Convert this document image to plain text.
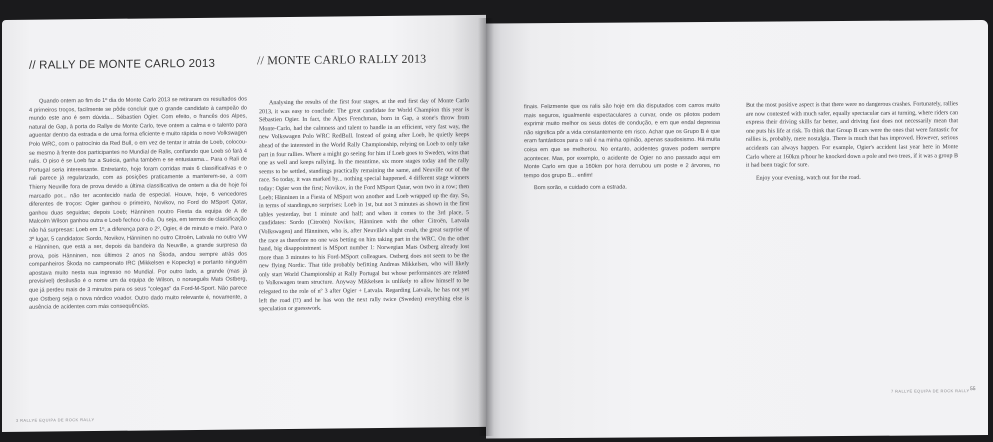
// RALLY DE MONTE CARLO 2013	// MONTE CARLO RALLY 2013

Quando ontem ao fim do 1º dia do Monte Carlo 2013 se retiraram os resultados dos 4 primeiros troços, facilmente se pôde concluir que o grande candidato à campeão do mundo este ano é sem dúvida... Sébastien Ogier. Com efeito, o francês dos Alpes, natural de Gap, à porta do Rallye de Monte Carlo, teve ontem a calma e o talento para aguentar dentro da estrada e de uma forma eficiente e muito rápida o novo Volkswagen Polo WRC, com o patrocínio da Red Bull, o em vez de tentar ir atrás de Loeb, colocou-se mesmo à frente dos participantes no Mundial de Ralis, confiando que Loeb só fará 4 ralis. O piso é se Loeb faz a Suécia, ganha também e se entusiasma... Para o Rali de Portugal seria interessante. Entretanto, hoje foram corridas mais 6 classificativas e o rali parece já regularizado, com as posições praticamente a manterem-se, a com Thierry Neuville fora de prova devido a última classificativa de ontem a dia de hoje foi marcado por... não ter acontecido nada de especial. Houve, hoje, 6 vencedores diferentes de troços: Ogier ganhou o primeiro, Novikov, no Ford do MSport Qatar, ganhou duas seguidas; depois Loeb; Hänninen noutro Fiesta da equipa de A de Malcolm Wilson ganhou outra e Loeb fechou o dia. Ou seja, em termos de classificação não há surpresas: Loeb em 1º, a diferença para o 2º, Ogier, é de minuto e meio. Para o 3º lugar, 5 candidatos: Sordo, Novikov, Hänninen no outro Citroën, Latvala no outro VW e Hänninen, que está a ser, depois da bandeira da Neuville, a grande surpresa da prova, pois Hänninen, nos últimos 2 anos na Škoda, andou sempre atrás dos companheiros Škoda no campeonato IRC (Mikkelsen e Kopecky) e portanto ninguém apostava muito nesta sua ingresso no Mundial. Por outro lado, a grande (mas já previsível) desilusão é o nome um da equipa de Wilson, o norueguês Mats Ostberg, que já perdeu mais de 3 minutos para os seus "colegas" da Ford-M-Sport. Não parece que Ostberg seja o nova nórdico voador. Outro dado muito relevante é, novamente, a ausência de acidentes com más consequências.

Analysing the results of the first four stages, at the end first day of Monte Carlo 2013, it was easy to conclude: The great candidate for World Champion this year is Sébastien Ogier. In fact, the Alpes Frenchman, born in Gap, a stone's throw from Monte-Carlo, had the calmness and talent to handle in an efficient, very fast way, the new Volkswagen Polo WRC RedBull. Instead of going after Loeb, he quietly keeps ahead of the interested in the World Rally Championship, relying on Loeb to only take part in four rallies. Where a might go seeing for him if Loeb goes to Sweden, wins that one as well and keeps rallying. In the meantime, six more stages today and the rally seems to be settled, standings practically remaining the same, and Neuville out of the race. So today, it was marked by... nothing special happened. 4 different stage winners today: Ogier won the first; Novikov, in the Ford MSport Qatar, won two in a row; then Loeb; Hänninen in a Fiesta of MSport won another and Loeb wrapped up the day. So, in terms of standings,no surprises: Loeb in 1st, but not 3 minutes as shown in the first tables yesterday, but 1 minute and half; and when it comes to the 3rd place, 5 candidates: Sordo (Citroën) Novikov, Hänninen with the other Citroën, Latvala (Volkswagen) and Hänninen, who is, after Neuville's slight crash, the great surprise of the race as therefore no one was betting on him taking part in the WRC. On the other hand, big disappointment is MSport number 1: Norwegian Mats Ostberg already lost more than 3 minutes to his Ford-MSport colleagues. Ostberg does not seem to be the new flying Nordic. That title probably befitting Andreas Mikkelsen, who will likely only start World Championship at Rally Portugal but whose performances are related to Volkswagen team structure. Anyway Mikkelsen is unlikely to allow himself to be relegated to the role of nº 3 after Ogier + Latvala. Regarding Latvala, he has not yet left the road (!!) and he has won the next rally twice (Sweden) everything else is speculation or guesswork.

3 RALLYE EQUIPA DE ROCK RALLY

finais. Felizmente que os ralis são hoje em dia disputados com carros muito mais seguros, igualmente espectaculares a curvar, onde os pilotos podem exprimir muito melhor os seus dotes de condução, e em que endal depressa não significa pôr a vida constantemente em risco. Achar que os Grupo B é que eram fantásticos para o rali é na minha opinião, apenas saudosismo. Há muita coisa em que se melhorou. No entanto, acidentes graves podem sempre acontecer. Mas, por exemplo, o acidente de Ogier no ano passado aqui em Monte Carlo em que a 160km por hora derrubou um poste e 2 árvores, no tempo dos grupo B... enfim!

Bom sorão, e cuidado com a estrada.

But the most positive aspect is that there were no dangerous crashes. Fortunately, rallies are now contested with much safer, equally spectacular cars at turning, where riders can express their driving skills far better, and driving fast does not necessarily mean that one puts his life at risk. To think that Group B cars were the ones that were fantastic for rallies is, probably, mere nostalgia. There is much that has improved. However, serious accidents can always happen. For example, Ogier's accident last year here in Monte Carlo where at 160km p/hour he knocked down a pole and two trees, if it was a group B it had been tragic for sure.

Enjoy your evening, watch out for the road.

7 RALLYE EQUIPA DE ROCK RALLY 55
